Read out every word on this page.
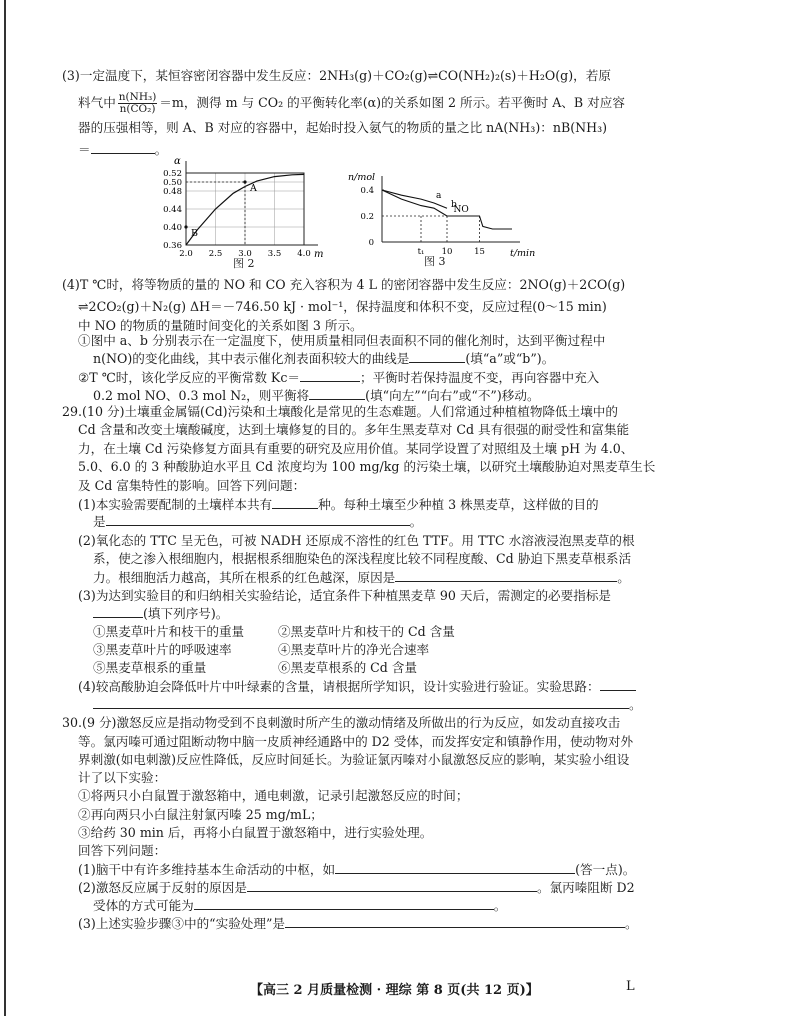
(3)一定温度下，某恒容密闭容器中发生反应：2NH₃(g)＋CO₂(g)⇌CO(NH₂)₂(s)＋H₂O(g)，若原
料气中 $\frac{\text{n(NH₃)}}{\text{n(CO₂)}} =m$，测得 m 与 CO₂ 的平衡转化率(α)的关系如图 2 所示。若平衡时 A、B 对应容
器的压强相等，则 A、B 对应的容器中，起始时投入氨气的物质的量之比 nA(NH₃)：nB(NH₃)
＝	。
α
m
0.36
0.40
0.44
0.48
0.50
0.52
2.0 2.5 3.0 3.5 4.0
A
B
图 2
n/mol
t/min
0
0.2
0.4
t₁ 10	15
a
b
NO
图 3
(4)T ℃时，将等物质的量的 NO 和 CO 充入容积为 4 L 的密闭容器中发生反应：2NO(g)＋2CO(g)
⇌2CO₂(g)＋N₂(g) ΔH＝－746.50 kJ · mol⁻¹，保持温度和体积不变，反应过程(0～15 min)
中 NO 的物质的量随时间变化的关系如图 3 所示。
①图中 a、b 分别表示在一定温度下，使用质量相同但表面积不同的催化剂时，达到平衡过程中
n(NO)的变化曲线，其中表示催化剂表面积较大的曲线是	(填“a”或“b”)。
②T ℃时，该化学反应的平衡常数 Kc＝	；平衡时若保持温度不变，再向容器中充入
0.2 mol NO、0.3 mol N₂，则平衡将	(填“向左”“向右”或“不”)移动。
29.(10 分)土壤重金属镉(Cd)污染和土壤酸化是常见的生态难题。人们常通过种植植物降低土壤中的
Cd 含量和改变土壤酸碱度，达到土壤修复的目的。多年生黑麦草对 Cd 具有很强的耐受性和富集能
力，在土壤 Cd 污染修复方面具有重要的研究及应用价值。某同学设置了对照组及土壤 pH 为 4.0、
5.0、6.0 的 3 种酸胁迫水平且 Cd 浓度均为 100 mg/kg 的污染土壤，以研究土壤酸胁迫对黑麦草生长
及 Cd 富集特性的影响。回答下列问题：
(1)本实验需要配制的土壤样本共有	种。每种土壤至少种植 3 株黑麦草，这样做的目的
是	。
(2)氧化态的 TTC 呈无色，可被 NADH 还原成不溶性的红色 TTF。用 TTC 水溶液浸泡黑麦草的根
系，使之渗入根细胞内，根据根系细胞染色的深浅程度比较不同程度酸、Cd 胁迫下黑麦草根系活
力。根细胞活力越高，其所在根系的红色越深，原因是	。
(3)为达到实验目的和归纳相关实验结论，适宜条件下种植黑麦草 90 天后，需测定的必要指标是
(填下列序号)。
①黑麦草叶片和枝干的重量	②黑麦草叶片和枝干的 Cd 含量
③黑麦草叶片的呼吸速率	④黑麦草叶片的净光合速率
⑤黑麦草根系的重量	⑥黑麦草根系的 Cd 含量
(4)较高酸胁迫会降低叶片中叶绿素的含量，请根据所学知识，设计实验进行验证。实验思路：
。
30.(9 分)激怒反应是指动物受到不良刺激时所产生的激动情绪及所做出的行为反应，如发动直接攻击
等。氯丙嗪可通过阻断动物中脑一皮质神经通路中的 D2 受体，而发挥安定和镇静作用，使动物对外
界刺激(如电刺激)反应性降低，反应时间延长。为验证氯丙嗪对小鼠激怒反应的影响，某实验小组设
计了以下实验：
①将两只小白鼠置于激怒箱中，通电刺激，记录引起激怒反应的时间；
②再向两只小白鼠注射氯丙嗪 25 mg/mL；
③给药 30 min 后，再将小白鼠置于激怒箱中，进行实验处理。
回答下列问题：
(1)脑干中有许多维持基本生命活动的中枢，如	(答一点)。
(2)激怒反应属于反射的原因是	。氯丙嗪阻断 D2
受体的方式可能为	。
(3)上述实验步骤③中的“实验处理”是	。
【高三 2 月质量检测 · 理综 第 8 页(共 12 页)】	L
